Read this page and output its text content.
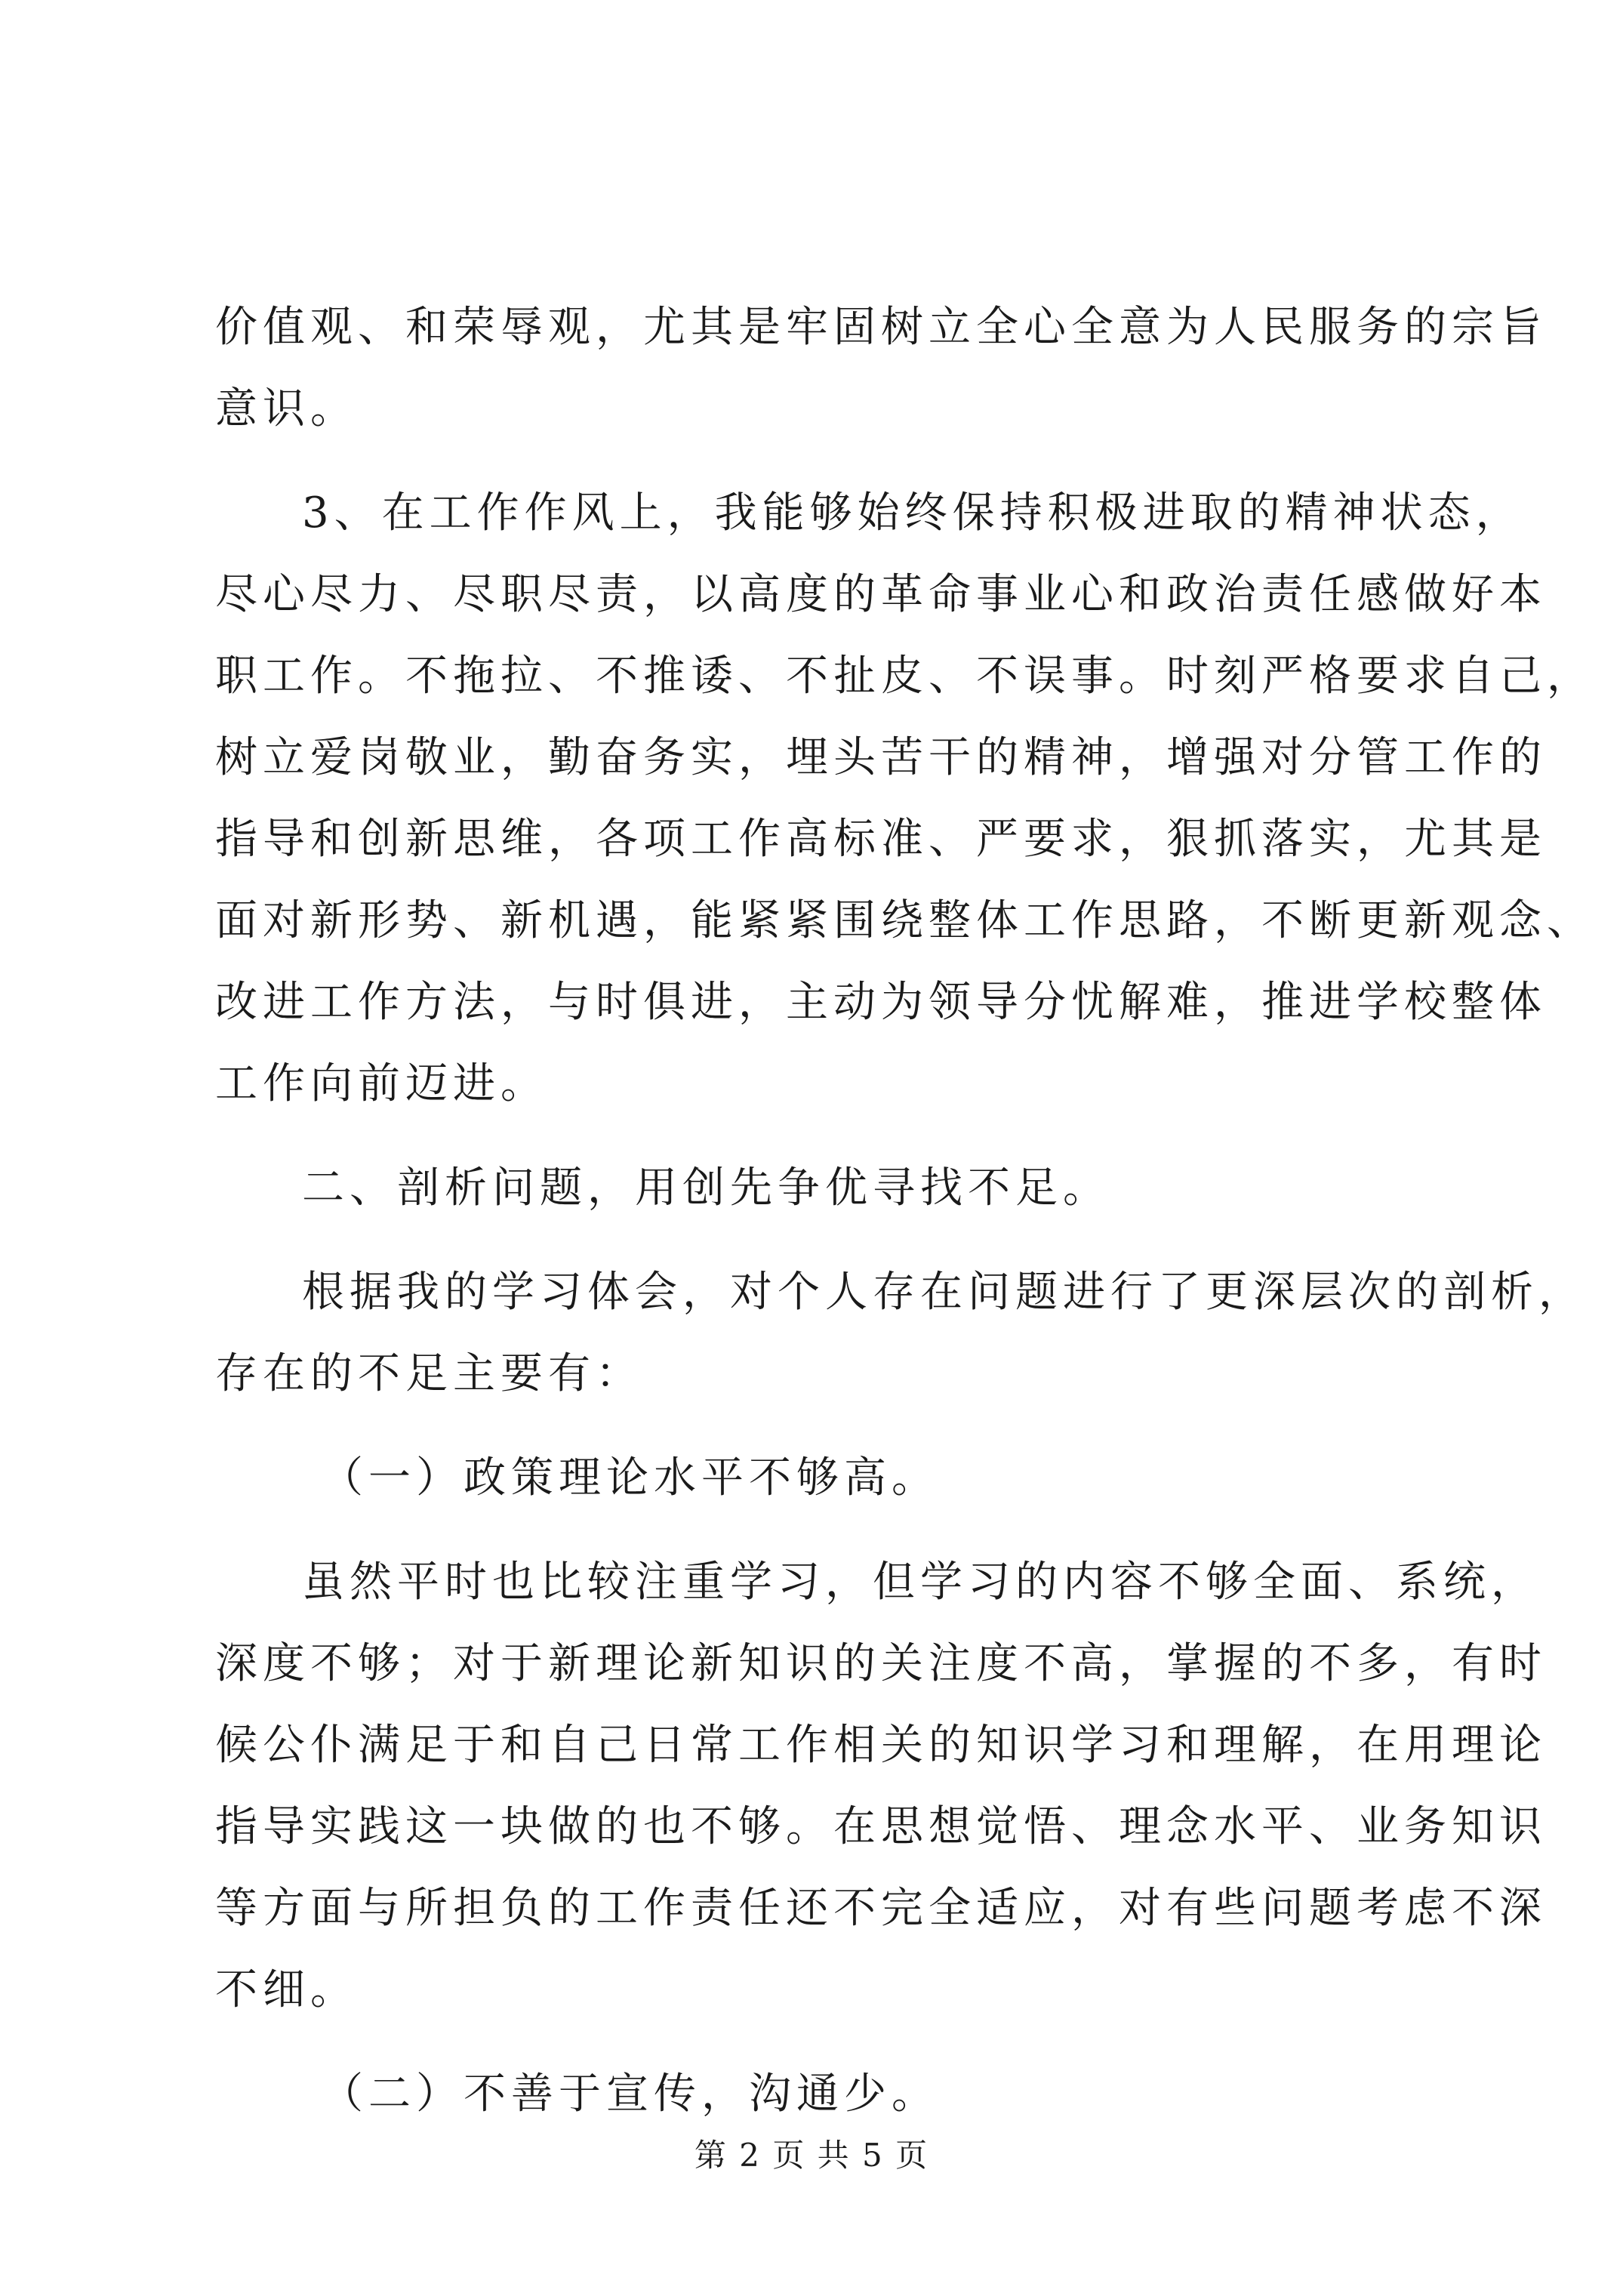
价值观、和荣辱观，尤其是牢固树立全心全意为人民服务的宗旨
意识。
3、在工作作风上，我能够始终保持积极进取的精神状态，
尽心尽力、尽职尽责，以高度的革命事业心和政治责任感做好本
职工作。不拖拉、不推诿、不扯皮、不误事。时刻严格要求自己，
树立爱岗敬业，勤奋务实，埋头苦干的精神，增强对分管工作的
指导和创新思维，各项工作高标准、严要求，狠抓落实，尤其是
面对新形势、新机遇，能紧紧围绕整体工作思路，不断更新观念、
改进工作方法，与时俱进，主动为领导分忧解难，推进学校整体
工作向前迈进。
二、剖析问题，用创先争优寻找不足。
根据我的学习体会，对个人存在问题进行了更深层次的剖析，
存在的不足主要有：
（一）政策理论水平不够高。
虽然平时也比较注重学习，但学习的内容不够全面、系统，
深度不够；对于新理论新知识的关注度不高，掌握的不多，有时
候公仆满足于和自己日常工作相关的知识学习和理解，在用理论
指导实践这一块做的也不够。在思想觉悟、理念水平、业务知识
等方面与所担负的工作责任还不完全适应，对有些问题考虑不深
不细。
（二）不善于宣传，沟通少。
第 2 页 共 5 页
